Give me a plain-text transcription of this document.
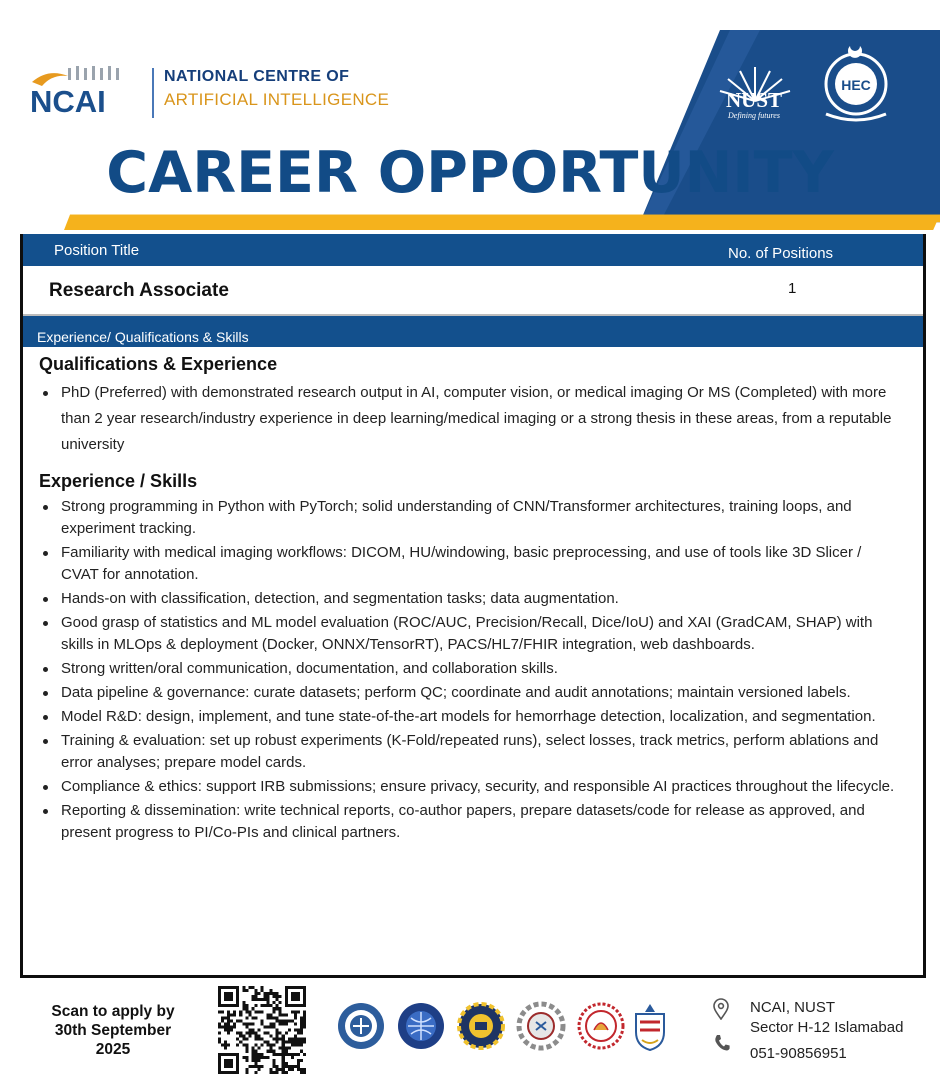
NCAI
NATIONAL CENTRE OF
ARTIFICIAL INTELLIGENCE	NUST
Defining futures
HEC
CAREER OPPORTUNITY
Position Title	No. of Positions
Research Associate	1
Experience/ Qualifications & Skills
Qualifications & Experience
PhD (Preferred) with demonstrated research output in AI, computer vision, or medical imaging Or MS (Completed) with more than 2 year research/industry experience in deep learning/medical imaging or a strong thesis in these areas, from a reputable university
Experience / Skills
Strong programming in Python with PyTorch; solid understanding of CNN/Transformer architectures, training loops, and experiment tracking.
Familiarity with medical imaging workflows: DICOM, HU/windowing, basic preprocessing, and use of tools like 3D Slicer / CVAT for annotation.
Hands-on with classification, detection, and segmentation tasks; data augmentation.
Good grasp of statistics and ML model evaluation (ROC/AUC, Precision/Recall, Dice/IoU) and XAI (GradCAM, SHAP) with skills in MLOps & deployment (Docker, ONNX/TensorRT), PACS/HL7/FHIR integration, web dashboards.
Strong written/oral communication, documentation, and collaboration skills.
Data pipeline & governance: curate datasets; perform QC; coordinate and audit annotations; maintain versioned labels.
Model R&D: design, implement, and tune state-of-the-art models for hemorrhage detection, localization, and segmentation.
Training & evaluation: set up robust experiments (K-Fold/repeated runs), select losses, track metrics, perform ablations and error analyses; prepare model cards.
Compliance & ethics: support IRB submissions; ensure privacy, security, and responsible AI practices throughout the lifecycle.
Reporting & dissemination: write technical reports, co-author papers, prepare datasets/code for release as approved, and present progress to PI/Co-PIs and clinical partners.
Scan to apply by
30th September
2025
NCAI, NUST
Sector H-12 Islamabad
051-90856951
